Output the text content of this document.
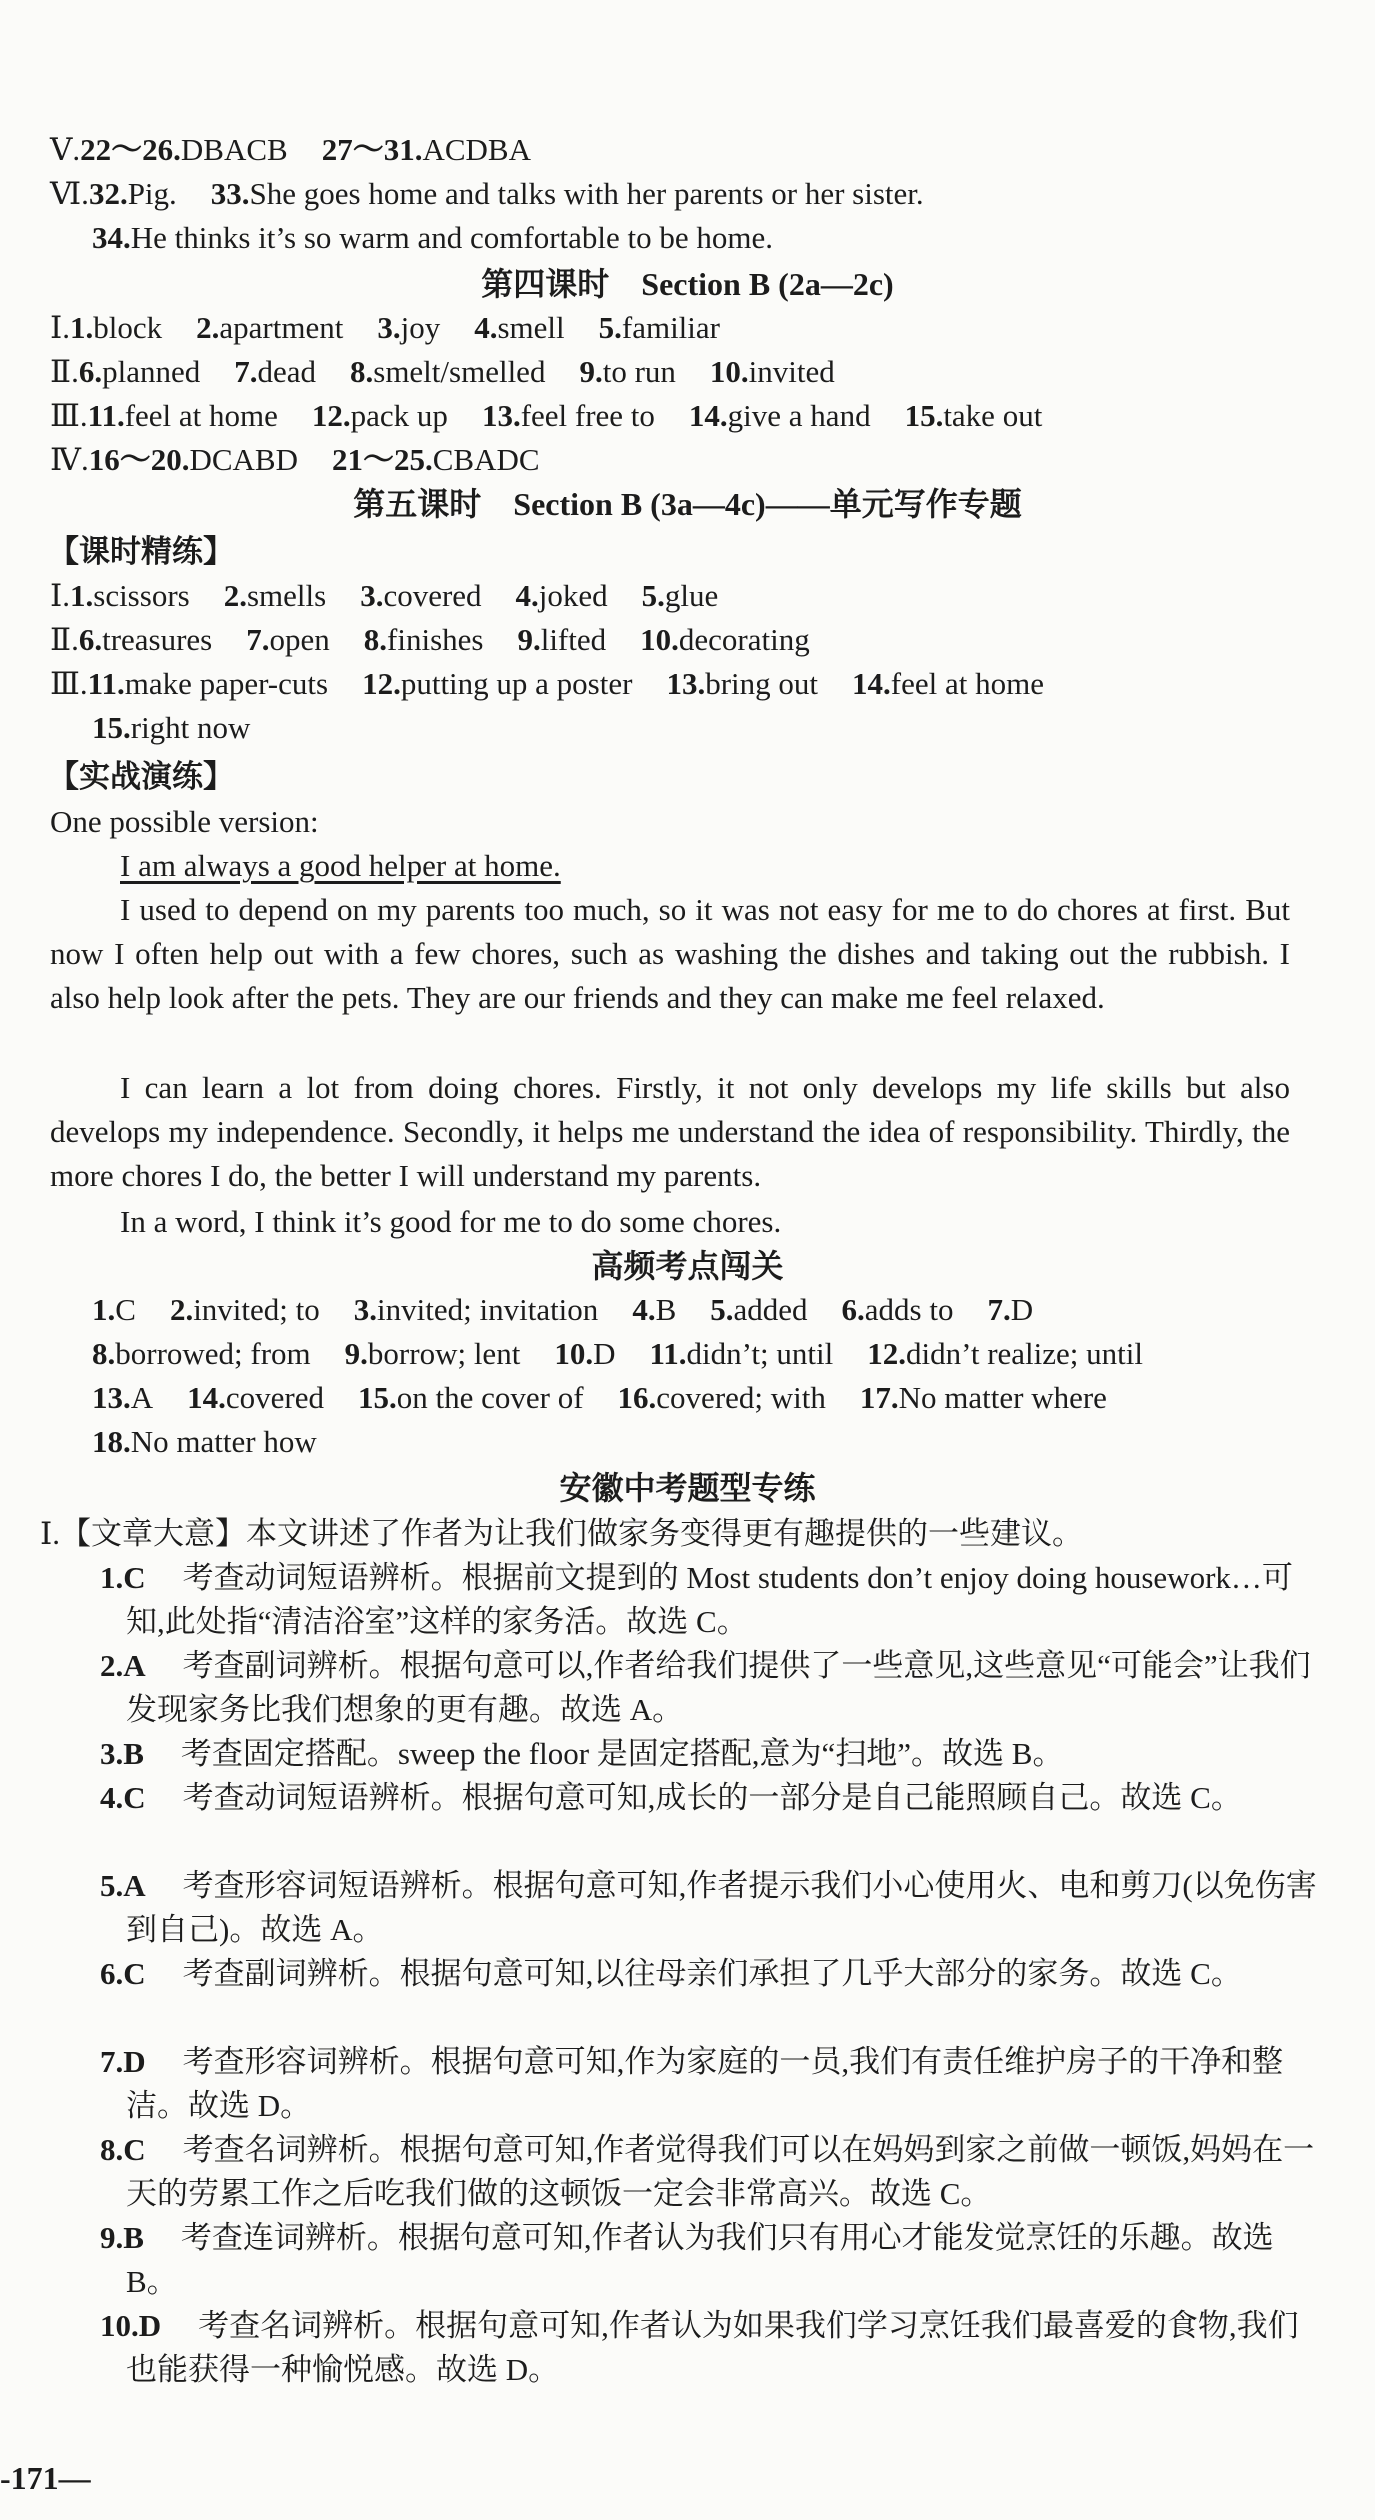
Ⅴ.22～26.DBACB 27～31.ACDBA
Ⅵ.32.Pig. 33.She goes home and talks with her parents or her sister.
34.He thinks it’s so warm and comfortable to be home.
第四课时　Section B (2a—2c)
Ⅰ.1.block 2.apartment 3.joy 4.smell 5.familiar
Ⅱ.6.planned 7.dead 8.smelt/smelled 9.to run 10.invited
Ⅲ.11.feel at home 12.pack up 13.feel free to 14.give a hand 15.take out
Ⅳ.16～20.DCABD 21～25.CBADC
第五课时　Section B (3a—4c)——单元写作专题
【课时精练】
Ⅰ.1.scissors 2.smells 3.covered 4.joked 5.glue
Ⅱ.6.treasures 7.open 8.finishes 9.lifted 10.decorating
Ⅲ.11.make paper-cuts 12.putting up a poster 13.bring out 14.feel at home
15.right now
【实战演练】
One possible version:
I am always a good helper at home.
I used to depend on my parents too much, so it was not easy for me to do chores at first. But now I often help out with a few chores, such as washing the dishes and taking out the rubbish. I also help look after the pets. They are our friends and they can make me feel relaxed.
I can learn a lot from doing chores. Firstly, it not only develops my life skills but also develops my independence. Secondly, it helps me understand the idea of responsibility. Thirdly, the more chores I do, the better I will understand my parents.
In a word, I think it’s good for me to do some chores.
高频考点闯关
1.C 2.invited; to 3.invited; invitation 4.B 5.added 6.adds to 7.D
8.borrowed; from 9.borrow; lent 10.D 11.didn’t; until 12.didn’t realize; until
13.A 14.covered 15.on the cover of 16.covered; with 17.No matter where
18.No matter how
安徽中考题型专练
Ⅰ.【文章大意】本文讲述了作者为让我们做家务变得更有趣提供的一些建议。
1.C　考查动词短语辨析。根据前文提到的 Most students don’t enjoy doing housework…可知,此处指“清洁浴室”这样的家务活。故选 C。
2.A　考查副词辨析。根据句意可以,作者给我们提供了一些意见,这些意见“可能会”让我们发现家务比我们想象的更有趣。故选 A。
3.B　考查固定搭配。sweep the floor 是固定搭配,意为“扫地”。故选 B。
4.C　考查动词短语辨析。根据句意可知,成长的一部分是自己能照顾自己。故选 C。
5.A　考查形容词短语辨析。根据句意可知,作者提示我们小心使用火、电和剪刀(以免伤害到自己)。故选 A。
6.C　考查副词辨析。根据句意可知,以往母亲们承担了几乎大部分的家务。故选 C。
7.D　考查形容词辨析。根据句意可知,作为家庭的一员,我们有责任维护房子的干净和整洁。故选 D。
8.C　考查名词辨析。根据句意可知,作者觉得我们可以在妈妈到家之前做一顿饭,妈妈在一天的劳累工作之后吃我们做的这顿饭一定会非常高兴。故选 C。
9.B　考查连词辨析。根据句意可知,作者认为我们只有用心才能发觉烹饪的乐趣。故选 B。
10.D　考查名词辨析。根据句意可知,作者认为如果我们学习烹饪我们最喜爱的食物,我们也能获得一种愉悦感。故选 D。
-171—
